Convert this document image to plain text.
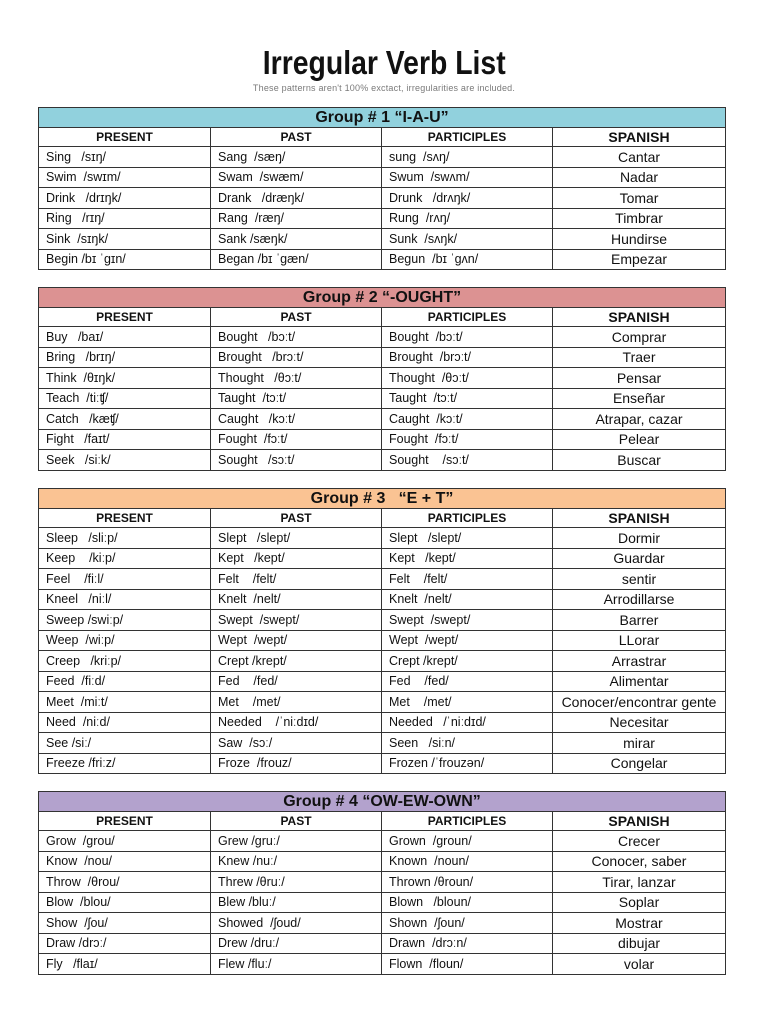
Irregular Verb List
These patterns aren't 100% exctact, irregularities are included.
Group # 1 “I-A-U”			
PRESENT	PAST	PARTICIPLES	SPANISH
Sing   /sɪŋ/	Sang  /sæŋ/	sung  /sʌŋ/	Cantar
Swim  /swɪm/	Swam  /swæm/	Swum  /swʌm/	Nadar
Drink   /drɪŋk/	Drank   /dræŋk/	Drunk   /drʌŋk/	Tomar
Ring   /rɪŋ/	Rang  /ræŋ/	Rung  /rʌŋ/	Timbrar
Sink  /sɪŋk/	Sank /sæŋk/	Sunk  /sʌŋk/	Hundirse
Begin /bɪ ˈgɪn/	Began /bɪ ˈgæn/	Begun  /bɪ ˈgʌn/	Empezar
Group # 2 “-OUGHT”			
PRESENT	PAST	PARTICIPLES	SPANISH
Buy   /baɪ/	Bought   /bɔːt/	Bought  /bɔːt/	Comprar
Bring   /brɪŋ/	Brought   /brɔːt/	Brought  /brɔːt/	Traer
Think  /θɪŋk/	Thought   /θɔːt/	Thought  /θɔːt/	Pensar
Teach  /tiːʧ/	Taught  /tɔːt/	Taught  /tɔːt/	Enseñar
Catch   /kæʧ/	Caught   /kɔːt/	Caught  /kɔːt/	Atrapar, cazar
Fight   /faɪt/	Fought  /fɔːt/	Fought  /fɔːt/	Pelear
Seek   /siːk/	Sought   /sɔːt/	Sought    /sɔːt/	Buscar
Group # 3   “E + T”			
PRESENT	PAST	PARTICIPLES	SPANISH
Sleep   /sliːp/	Slept   /slept/	Slept   /slept/	Dormir
Keep    /kiːp/	Kept   /kept/	Kept   /kept/	Guardar
Feel    /fiːl/	Felt    /felt/	Felt    /felt/	sentir
Kneel   /niːl/	Knelt  /nelt/	Knelt  /nelt/	Arrodillarse
Sweep /swiːp/	Swept  /swept/	Swept  /swept/	Barrer
Weep  /wiːp/	Wept  /wept/	Wept  /wept/	LLorar
Creep   /kriːp/	Crept /krept/	Crept /krept/	Arrastrar
Feed  /fiːd/	Fed    /fed/	Fed    /fed/	Alimentar
Meet  /miːt/	Met    /met/	Met    /met/	Conocer/encontrar gente
Need  /niːd/	Needed    /ˈniːdɪd/	Needed   /ˈniːdɪd/	Necesitar
See /siː/	Saw  /sɔː/	Seen   /siːn/	mirar
Freeze /friːz/	Froze  /frouz/	Frozen /ˈfrouzən/	Congelar
Group # 4 “OW-EW-OWN”			
PRESENT	PAST	PARTICIPLES	SPANISH
Grow  /grou/	Grew /gruː/	Grown  /groun/	Crecer
Know  /nou/	Knew /nuː/	Known  /noun/	Conocer, saber
Throw  /θrou/	Threw /θruː/	Thrown /θroun/	Tirar, lanzar
Blow  /blou/	Blew /bluː/	Blown   /bloun/	Soplar
Show  /ʃou/	Showed  /ʃoud/	Shown  /ʃoun/	Mostrar
Draw /drɔː/	Drew /druː/	Drawn  /drɔːn/	dibujar
Fly   /flaɪ/	Flew /fluː/	Flown  /floun/	volar
